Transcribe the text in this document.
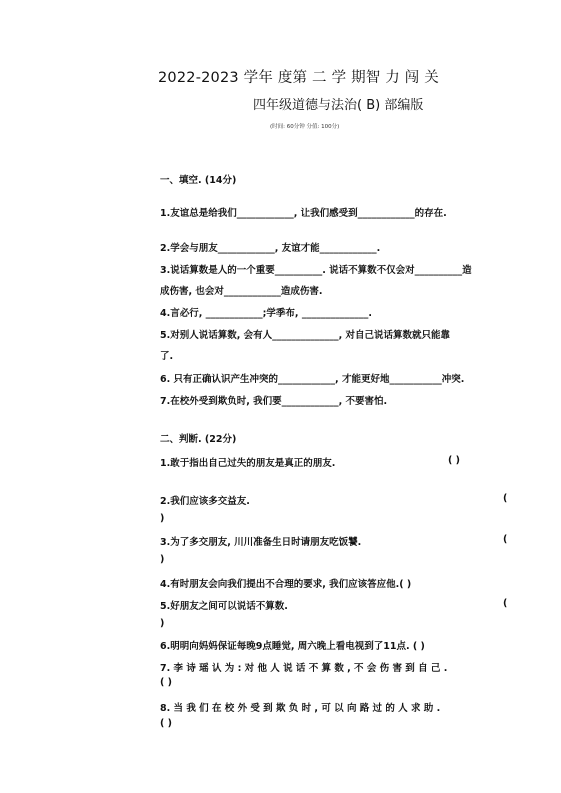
2022-2023 学年 度第 二 学 期智 力 闯 关
四年级道德与法治( B) 部编版
(时间: 60分钟 分值: 100分)
一、填空. (14分)
1.友谊总是给我们____________, 让我们感受到____________的存在.
2.学会与朋友____________, 友谊才能____________.
3.说话算数是人的一个重要__________. 说话不算数不仅会对__________造
成伤害, 也会对____________造成伤害.
4.言必行, ____________;学季布, ______________.
5.对别人说话算数, 会有人______________, 对自己说话算数就只能靠
了.
6. 只有正确认识产生冲突的____________, 才能更好地___________冲突.
7.在校外受到欺负时, 我们要____________, 不要害怕.
二、判断. (22分)
1.敢于指出自己过失的朋友是真正的朋友.	( )
2.我们应该多交益友.	(
)
3.为了多交朋友, 川川准备生日时请朋友吃饭饕.	(
)
4.有时朋友会向我们提出不合理的要求, 我们应该答应他.( )
5.好朋友之间可以说话不算数.	(
)
6.明明向妈妈保证每晚9点睡觉, 周六晚上看电视到了11点. ( )
7. 李 诗 瑶 认 为 : 对 他 人 说 话 不 算 数 , 不 会 伤 害 到 自 己 .
( )
8. 当 我 们 在 校 外 受 到 欺 负 时 , 可 以 向 路 过 的 人 求 助 .
( )
